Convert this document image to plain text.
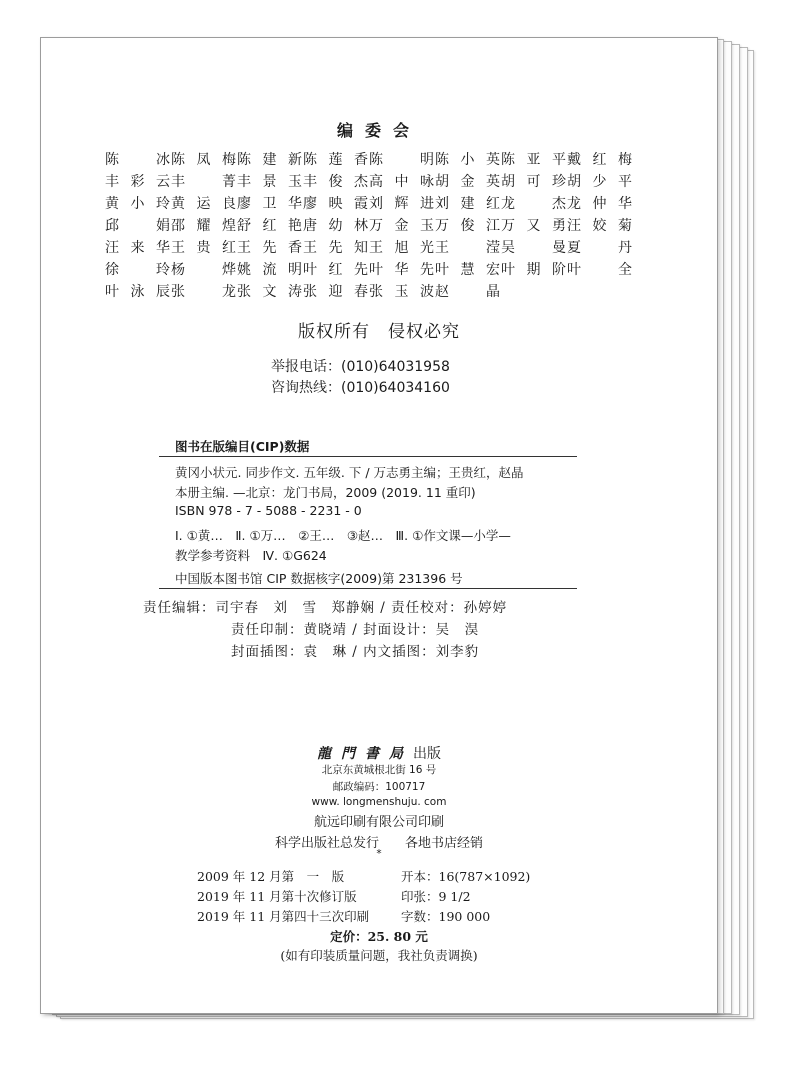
编委会
陈　冰 陈凤梅 陈建新 陈莲香 陈　明 陈小英 陈亚平 戴红梅
丰彩云 丰　菁 丰景玉 丰俊杰 高中咏 胡金英 胡可珍 胡少平
黄小玲 黄运良 廖卫华 廖映霞 刘辉进 刘建红 龙　杰 龙仲华
邱　娟 邵耀煌 舒红艳 唐幼林 万金玉 万俊江 万又勇 汪姣菊
汪来华 王贵红 王先香 王先知 王旭光 王　滢 吴　曼 夏　丹
徐　玲 杨　烨 姚流明 叶红先 叶华先 叶慧宏 叶期阶 叶　全
叶泳辰 张　龙 张文涛 张迎春 张玉波 赵　晶
版权所有　侵权必究
举报电话：(010)64031958
咨询热线：(010)64034160
图书在版编目(CIP)数据
黄冈小状元. 同步作文. 五年级. 下 / 万志勇主编；王贵红，赵晶
本册主编. —北京：龙门书局，2009 (2019. 11 重印)
ISBN 978 - 7 - 5088 - 2231 - 0
Ⅰ. ①黄…　Ⅱ. ①万…　②王…　③赵…　Ⅲ. ①作文课—小学—
教学参考资料　Ⅳ. ①G624
中国版本图书馆 CIP 数据核字(2009)第 231396 号
责任编辑：司宇春　刘　雪　郑静娴 / 责任校对：孙婷婷
责任印制：黄晓靖 / 封面设计：吴　淏
封面插图：袁　琳 / 内文插图：刘李豹
龍門書局出版
北京东黄城根北街 16 号
邮政编码：100717
www. longmenshuju. com
航远印刷有限公司印刷
科学出版社总发行　　各地书店经销
*
2009 年 12 月第　一　版
2019 年 11 月第十次修订版
2019 年 11 月第四十三次印刷
开本：16(787×1092)
印张：9 1/2
字数：190 000
定价：25. 80 元
(如有印装质量问题，我社负责调换)
